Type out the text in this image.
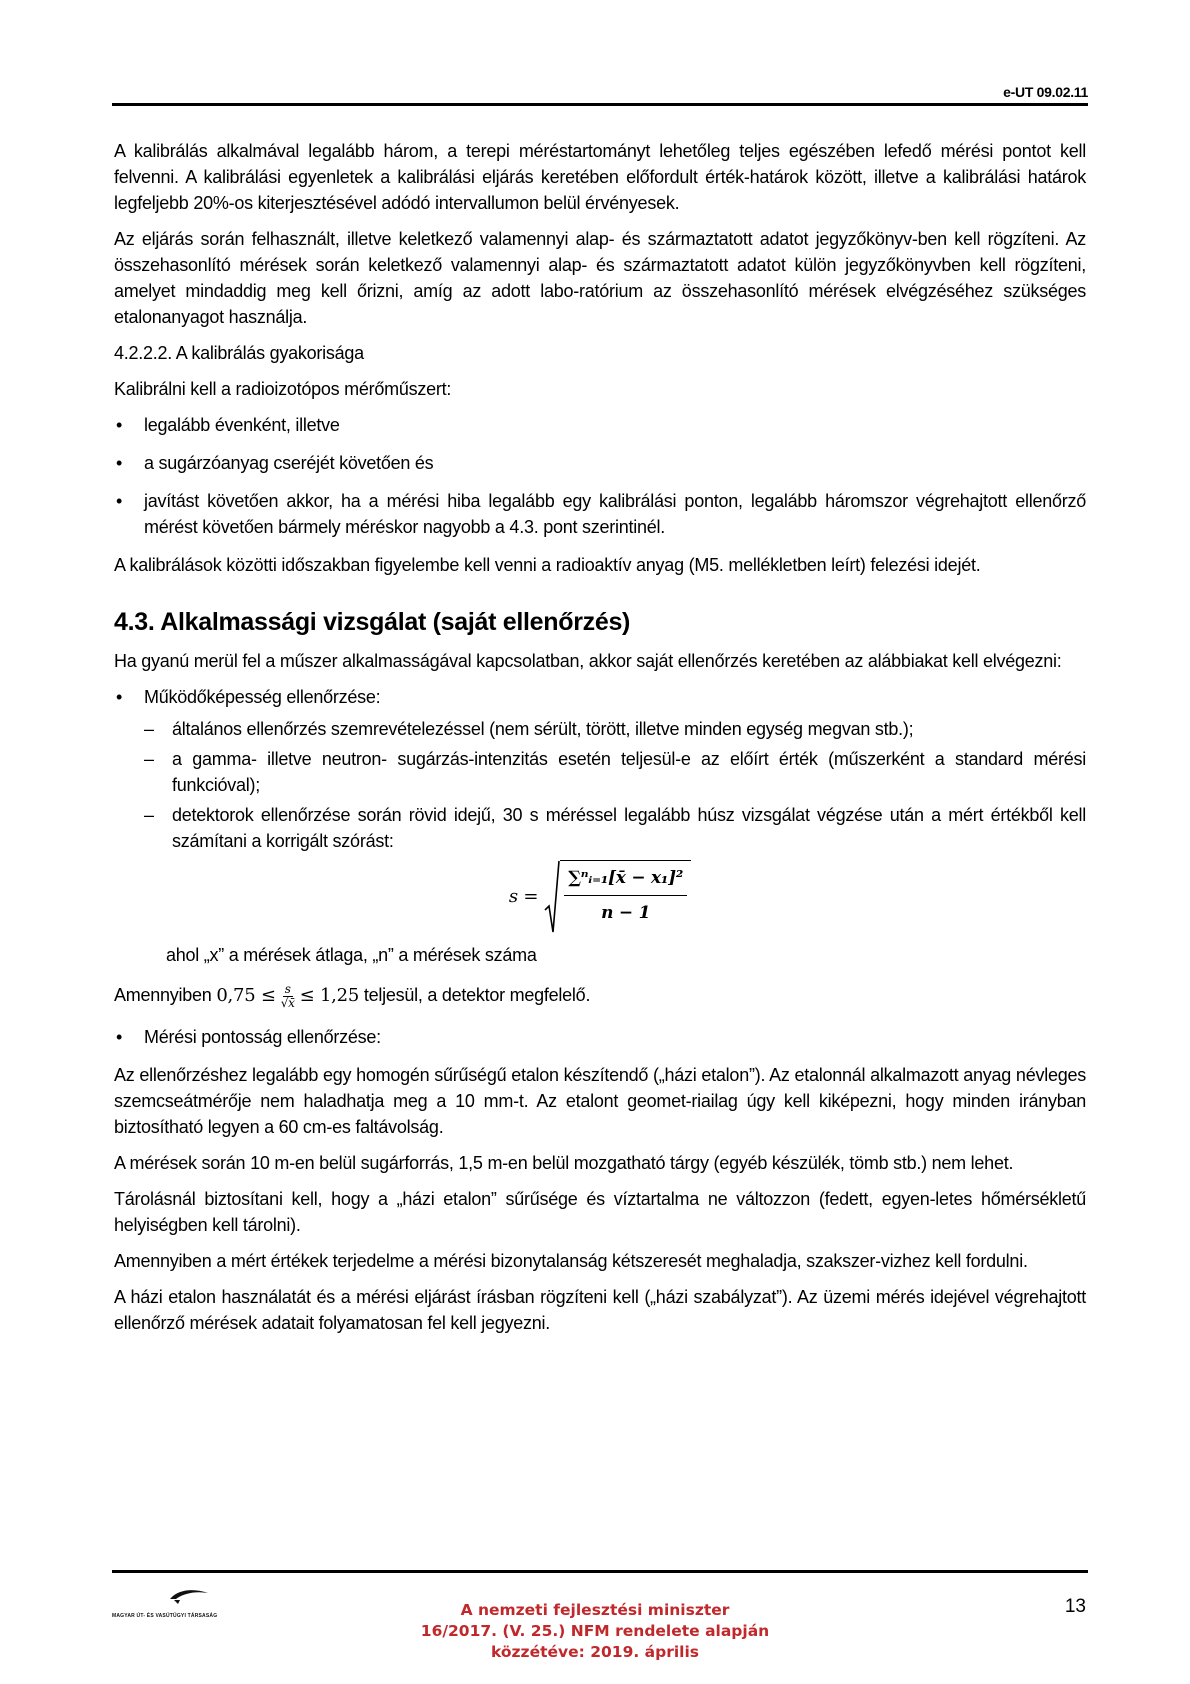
e-UT 09.02.11

A kalibrálás alkalmával legalább három, a terepi méréstartományt lehetőleg teljes egészében lefedő mérési pontot kell felvenni. A kalibrálási egyenletek a kalibrálási eljárás keretében előfordult érték-határok között, illetve a kalibrálási határok legfeljebb 20%-os kiterjesztésével adódó intervallumon belül érvényesek.

Az eljárás során felhasznált, illetve keletkező valamennyi alap- és származtatott adatot jegyzőkönyv-ben kell rögzíteni. Az összehasonlító mérések során keletkező valamennyi alap- és származtatott adatot külön jegyzőkönyvben kell rögzíteni, amelyet mindaddig meg kell őrizni, amíg az adott labo-ratórium az összehasonlító mérések elvégzéséhez szükséges etalonanyagot használja.

4.2.2.2. A kalibrálás gyakorisága

Kalibrálni kell a radioizotópos mérőműszert:

• legalább évenként, illetve
• a sugárzóanyag cseréjét követően és
• javítást követően akkor, ha a mérési hiba legalább egy kalibrálási ponton, legalább háromszor végrehajtott ellenőrző mérést követően bármely méréskor nagyobb a 4.3. pont szerintinél.

A kalibrálások közötti időszakban figyelembe kell venni a radioaktív anyag (M5. mellékletben leírt) felezési idejét.

4.3. Alkalmassági vizsgálat (saját ellenőrzés)

Ha gyanú merül fel a műszer alkalmasságával kapcsolatban, akkor saját ellenőrzés keretében az alábbiakat kell elvégezni:

• Működőképesség ellenőrzése:
– általános ellenőrzés szemrevételezéssel (nem sérült, törött, illetve minden egység megvan stb.);
– a gamma- illetve neutron- sugárzás-intenzitás esetén teljesül-e az előírt érték (műszerként a standard mérési funkcióval);
– detektorok ellenőrzése során rövid idejű, 30 s méréssel legalább húsz vizsgálat végzése után a mért értékből kell számítani a korrigált szórást:
$s = \frac{\text{∑ⁿᵢ₌₁[x̄ − x₁]²}}{n - 1}$

ahol „x” a mérések átlaga, „n” a mérések száma

Amennyiben $0,75 \le \frac{s}{√x̄} \le 1,25$ teljesül, a detektor megfelelő.

• Mérési pontosság ellenőrzése:

Az ellenőrzéshez legalább egy homogén sűrűségű etalon készítendő („házi etalon”). Az etalonnál alkalmazott anyag névleges szemcseátmérője nem haladhatja meg a 10 mm-t. Az etalont geomet-riailag úgy kell kiképezni, hogy minden irányban biztosítható legyen a 60 cm-es faltávolság.

A mérések során 10 m-en belül sugárforrás, 1,5 m-en belül mozgatható tárgy (egyéb készülék, tömb stb.) nem lehet.

Tárolásnál biztosítani kell, hogy a „házi etalon” sűrűsége és víztartalma ne változzon (fedett, egyen-letes hőmérsékletű helyiségben kell tárolni).

Amennyiben a mért értékek terjedelme a mérési bizonytalanság kétszeresét meghaladja, szakszer-vizhez kell fordulni.

A házi etalon használatát és a mérési eljárást írásban rögzíteni kell („házi szabályzat”). Az üzemi mérés idejével végrehajtott ellenőrző mérések adatait folyamatosan fel kell jegyezni.

MAGYAR ÚT- ÉS VASÚTÜGYI TÁRSASÁG	A nemzeti fejlesztési miniszter
16/2017. (V. 25.) NFM rendelete alapján
közzétéve: 2019. április
13
